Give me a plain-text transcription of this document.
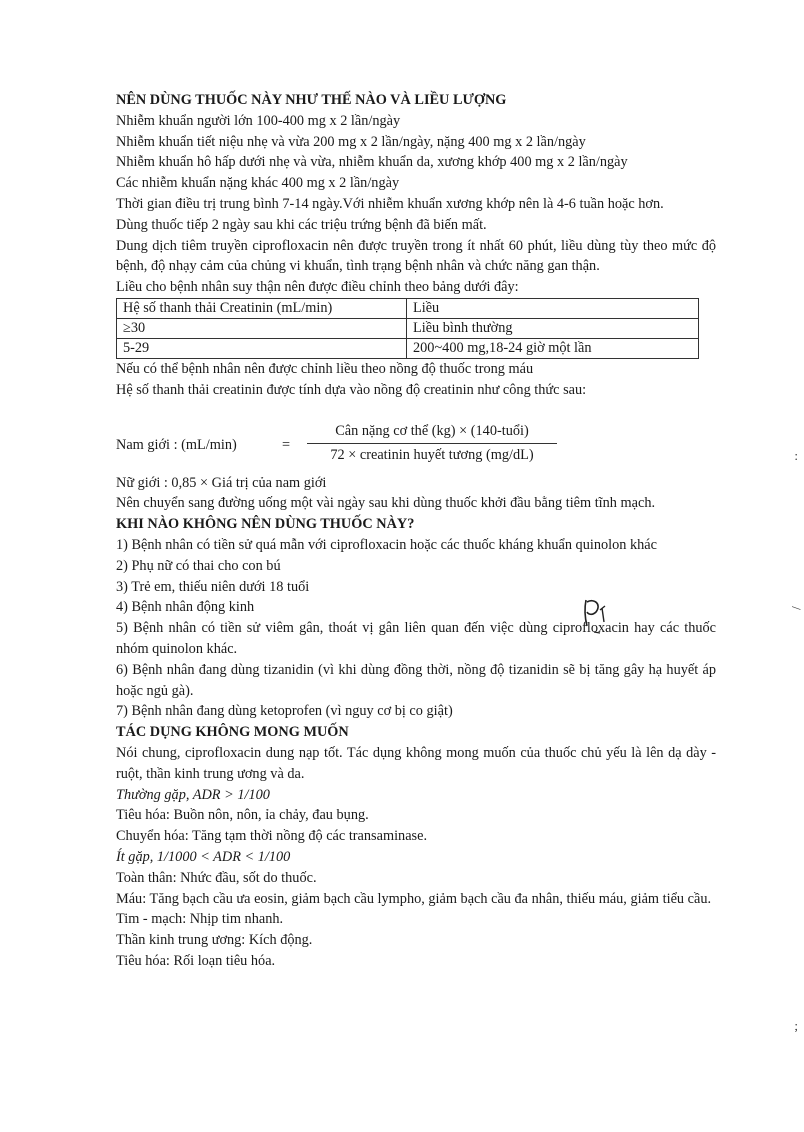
NÊN DÙNG THUỐC NÀY NHƯ THẾ NÀO VÀ LIỀU LƯỢNG

Nhiễm khuẩn người lớn 100-400 mg x 2 lần/ngày

Nhiễm khuẩn tiết niệu nhẹ và vừa 200 mg x 2 lần/ngày, nặng 400 mg x 2 lần/ngày

Nhiễm khuẩn hô hấp dưới nhẹ và vừa, nhiễm khuẩn da, xương khớp 400 mg x 2 lần/ngày

Các nhiễm khuẩn nặng khác 400 mg x 2 lần/ngày

Thời gian điều trị trung bình 7-14 ngày.Với nhiễm khuẩn xương khớp nên là 4-6 tuần hoặc hơn.

Dùng thuốc tiếp 2 ngày sau khi các triệu trứng bệnh đã biến mất.

Dung dịch tiêm truyền ciprofloxacin nên được truyền trong ít nhất 60 phút, liều dùng tùy theo mức độ bệnh, độ nhạy cảm của chủng vi khuẩn, tình trạng bệnh nhân và chức năng gan thận.

Liều cho bệnh nhân suy thận nên được điều chỉnh theo bảng dưới đây:

Hệ số thanh thải Creatinin (mL/min)	Liều
≥30	Liều bình thường
5-29	200~400 mg,18-24 giờ một lần

Nếu có thể bệnh nhân nên được chỉnh liều theo nồng độ thuốc trong máu

Hệ số thanh thải creatinin được tính dựa vào nồng độ creatinin như công thức sau:

Nam giới : (mL/min)	=
Cân nặng cơ thể (kg) × (140-tuổi)
72 × creatinin huyết tương (mg/dL)

Nữ giới : 0,85 × Giá trị của nam giới

Nên chuyển sang đường uống một vài ngày sau khi dùng thuốc khởi đầu bằng tiêm tĩnh mạch.

KHI NÀO KHÔNG NÊN DÙNG THUỐC NÀY?

1) Bệnh nhân có tiền sử quá mẫn với ciprofloxacin hoặc các thuốc kháng khuẩn quinolon khác

2) Phụ nữ có thai cho con bú

3) Trẻ em, thiếu niên dưới 18 tuổi

4) Bệnh nhân động kinh

5) Bệnh nhân có tiền sử viêm gân, thoát vị gân liên quan đến việc dùng ciprofloxacin hay các thuốc nhóm quinolon khác.

6) Bệnh nhân đang dùng tizanidin (vì khi dùng đồng thời, nồng độ tizanidin sẽ bị tăng gây hạ huyết áp hoặc ngủ gà).

7) Bệnh nhân đang dùng ketoprofen (vì nguy cơ bị co giật)

TÁC DỤNG KHÔNG MONG MUỐN

Nói chung, ciprofloxacin dung nạp tốt. Tác dụng không mong muốn của thuốc chủ yếu là lên dạ dày - ruột, thần kinh trung ương và da.

Thường gặp, ADR > 1/100

Tiêu hóa: Buồn nôn, nôn, ỉa chảy, đau bụng.

Chuyển hóa: Tăng tạm thời nồng độ các transaminase.

Ít gặp, 1/1000 < ADR < 1/100

Toàn thân: Nhức đầu, sốt do thuốc.

Máu: Tăng bạch cầu ưa eosin, giảm bạch cầu lympho, giảm bạch cầu đa nhân, thiếu máu, giảm tiểu cầu.

Tim - mạch: Nhịp tim nhanh.

Thần kinh trung ương: Kích động.

Tiêu hóa: Rối loạn tiêu hóa.

:
/
;
